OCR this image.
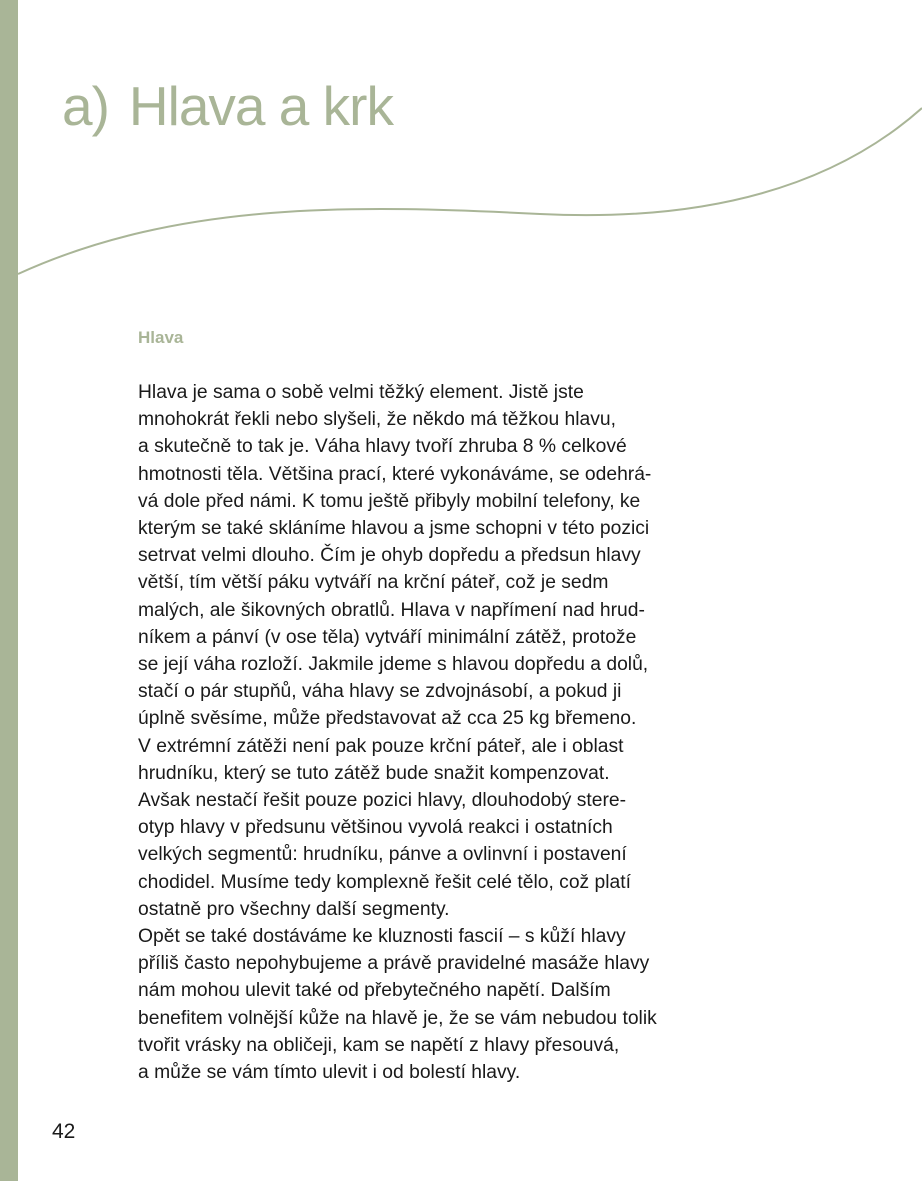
a) Hlava a krk
Hlava
Hlava je sama o sobě velmi těžký element. Jistě jste
mnohokrát řekli nebo slyšeli, že někdo má těžkou hlavu,
a skutečně to tak je. Váha hlavy tvoří zhruba 8 % celkové
hmotnosti těla. Většina prací, které vykonáváme, se odehrá-
vá dole před námi. K tomu ještě přibyly mobilní telefony, ke
kterým se také skláníme hlavou a jsme schopni v této pozici
setrvat velmi dlouho. Čím je ohyb dopředu a předsun hlavy
větší, tím větší páku vytváří na krční páteř, což je sedm
malých, ale šikovných obratlů. Hlava v napřímení nad hrud-
níkem a pánví (v ose těla) vytváří minimální zátěž, protože
se její váha rozloží. Jakmile jdeme s hlavou dopředu a dolů,
stačí o pár stupňů, váha hlavy se zdvojnásobí, a pokud ji
úplně svěsíme, může představovat až cca 25 kg břemeno.
V extrémní zátěži není pak pouze krční páteř, ale i oblast
hrudníku, který se tuto zátěž bude snažit kompenzovat.
Avšak nestačí řešit pouze pozici hlavy, dlouhodobý stere-
otyp hlavy v předsunu většinou vyvolá reakci i ostatních
velkých segmentů: hrudníku, pánve a ovlinvní i postavení
chodidel. Musíme tedy komplexně řešit celé tělo, což platí
ostatně pro všechny další segmenty.
Opět se také dostáváme ke kluznosti fascií – s kůží hlavy
příliš často nepohybujeme a právě pravidelné masáže hlavy
nám mohou ulevit také od přebytečného napětí. Dalším
benefitem volnější kůže na hlavě je, že se vám nebudou tolik
tvořit vrásky na obličeji, kam se napětí z hlavy přesouvá,
a může se vám tímto ulevit i od bolestí hlavy.
42
